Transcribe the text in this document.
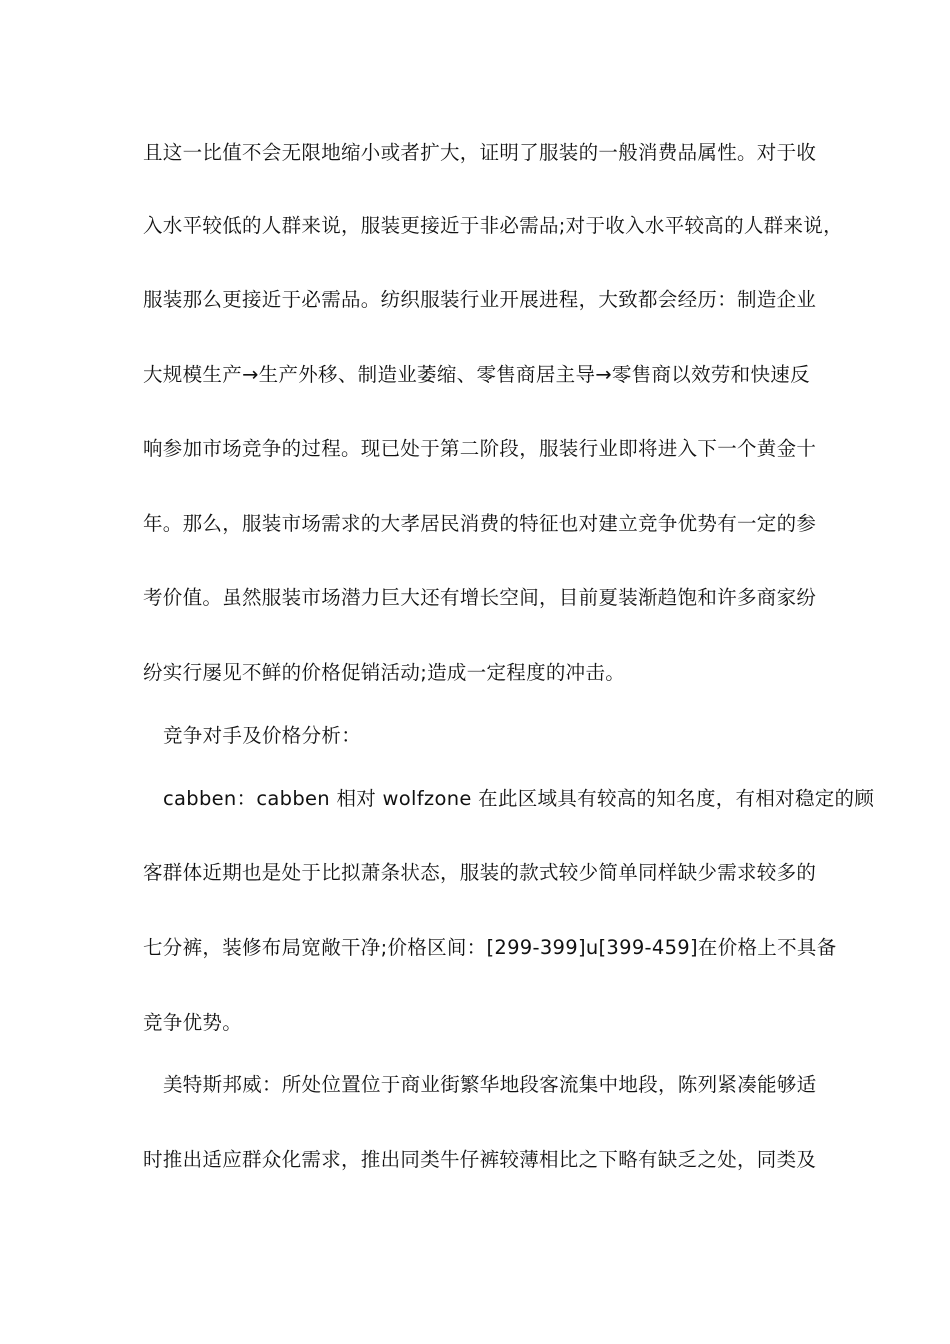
且这一比值不会无限地缩小或者扩大，证明了服装的一般消费品属性。对于收
入水平较低的人群来说，服装更接近于非必需品;对于收入水平较高的人群来说，
服装那么更接近于必需品。纺织服装行业开展进程，大致都会经历：制造企业
大规模生产→生产外移、制造业萎缩、零售商居主导→零售商以效劳和快速反
响参加市场竞争的过程。现已处于第二阶段，服装行业即将进入下一个黄金十
年。那么，服装市场需求的大孝居民消费的特征也对建立竞争优势有一定的参
考价值。虽然服装市场潜力巨大还有增长空间，目前夏装渐趋饱和许多商家纷
纷实行屡见不鲜的价格促销活动;造成一定程度的冲击。
竞争对手及价格分析：
cabben：cabben 相对 wolfzone 在此区域具有较高的知名度，有相对稳定的顾
客群体近期也是处于比拟萧条状态，服装的款式较少简单同样缺少需求较多的
七分裤，装修布局宽敞干净;价格区间：[299-399]u[399-459]在价格上不具备
竞争优势。
美特斯邦威：所处位置位于商业街繁华地段客流集中地段，陈列紧凑能够适
时推出适应群众化需求，推出同类牛仔裤较薄相比之下略有缺乏之处，同类及
